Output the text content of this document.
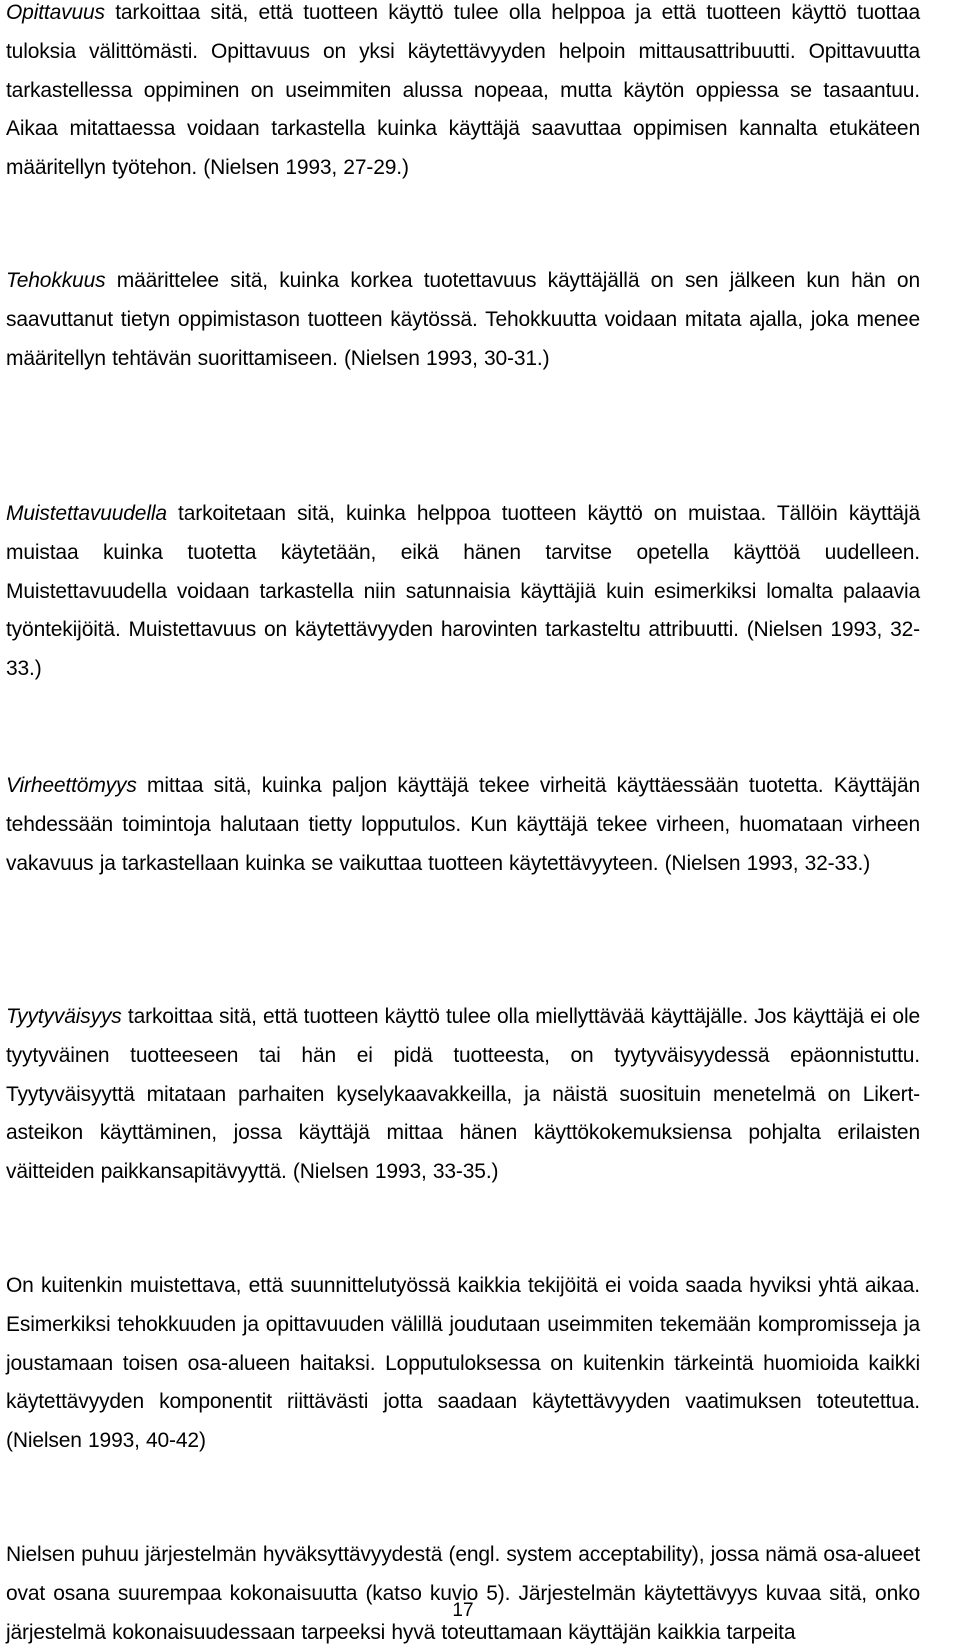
Opittavuus tarkoittaa sitä, että tuotteen käyttö tulee olla helppoa ja että tuotteen käyttö tuottaa tuloksia välittömästi. Opittavuus on yksi käytettävyyden helpoin mittausattribuutti. Opittavuutta tarkastellessa oppiminen on useimmiten alussa nopeaa, mutta käytön oppiessa se tasaantuu. Aikaa mitattaessa voidaan tarkastella kuinka käyttäjä saavuttaa oppimisen kannalta etukäteen määritellyn työtehon. (Nielsen 1993, 27-29.)

Tehokkuus määrittelee sitä, kuinka korkea tuotettavuus käyttäjällä on sen jälkeen kun hän on saavuttanut tietyn oppimistason tuotteen käytössä. Tehokkuutta voidaan mitata ajalla, joka menee määritellyn tehtävän suorittamiseen. (Nielsen 1993, 30-31.)

Muistettavuudella tarkoitetaan sitä, kuinka helppoa tuotteen käyttö on muistaa. Tällöin käyttäjä muistaa kuinka tuotetta käytetään, eikä hänen tarvitse opetella käyttöä uudelleen. Muistettavuudella voidaan tarkastella niin satunnaisia käyttäjiä kuin esimerkiksi lomalta palaavia työntekijöitä. Muistettavuus on käytettävyyden harovinten tarkasteltu attribuutti. (Nielsen 1993, 32-33.)

Virheettömyys mittaa sitä, kuinka paljon käyttäjä tekee virheitä käyttäessään tuotetta. Käyttäjän tehdessään toimintoja halutaan tietty lopputulos. Kun käyttäjä tekee virheen, huomataan virheen vakavuus ja tarkastellaan kuinka se vaikuttaa tuotteen käytettävyyteen. (Nielsen 1993, 32-33.)

Tyytyväisyys tarkoittaa sitä, että tuotteen käyttö tulee olla miellyttävää käyttäjälle. Jos käyttäjä ei ole tyytyväinen tuotteeseen tai hän ei pidä tuotteesta, on tyytyväisyydessä epäonnistuttu. Tyytyväisyyttä mitataan parhaiten kyselykaavakkeilla, ja näistä suosituin menetelmä on Likert-asteikon käyttäminen, jossa käyttäjä mittaa hänen käyttökokemuksiensa pohjalta erilaisten väitteiden paikkansapitävyyttä. (Nielsen 1993, 33-35.)

On kuitenkin muistettava, että suunnittelutyössä kaikkia tekijöitä ei voida saada hyviksi yhtä aikaa. Esimerkiksi tehokkuuden ja opittavuuden välillä joudutaan useimmiten tekemään kompromisseja ja joustamaan toisen osa-alueen haitaksi. Lopputuloksessa on kuitenkin tärkeintä huomioida kaikki käytettävyyden komponentit riittävästi jotta saadaan käytettävyyden vaatimuksen toteutettua. (Nielsen 1993, 40-42)

Nielsen puhuu järjestelmän hyväksyttävyydestä (engl. system acceptability), jossa nämä osa-alueet ovat osana suurempaa kokonaisuutta (katso kuvio 5). Järjestelmän käytettävyys kuvaa sitä, onko järjestelmä kokonaisuudessaan tarpeeksi hyvä toteuttamaan käyttäjän kaikkia tarpeita

17
